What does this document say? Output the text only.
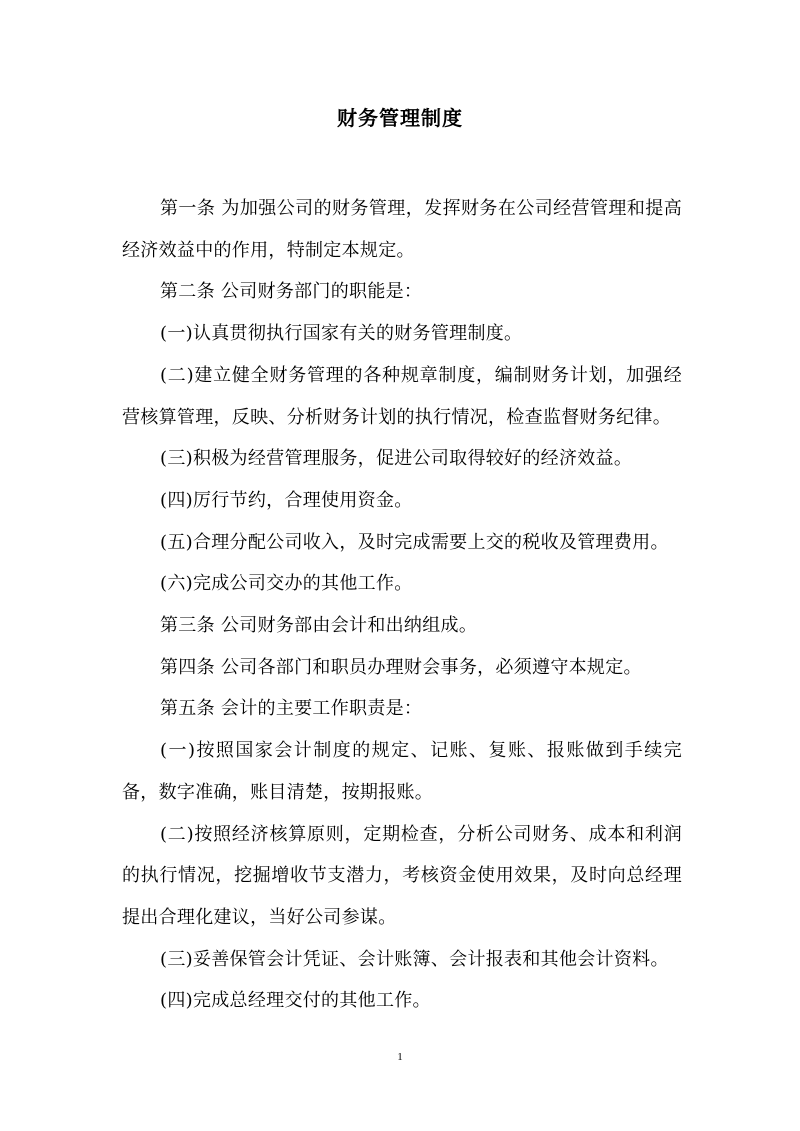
财务管理制度

第一条 为加强公司的财务管理，发挥财务在公司经营管理和提高经济效益中的作用，特制定本规定。

第二条 公司财务部门的职能是：

(一)认真贯彻执行国家有关的财务管理制度。

(二)建立健全财务管理的各种规章制度，编制财务计划，加强经营核算管理，反映、分析财务计划的执行情况，检查监督财务纪律。

(三)积极为经营管理服务，促进公司取得较好的经济效益。

(四)厉行节约，合理使用资金。

(五)合理分配公司收入，及时完成需要上交的税收及管理费用。

(六)完成公司交办的其他工作。

第三条 公司财务部由会计和出纳组成。

第四条 公司各部门和职员办理财会事务，必须遵守本规定。

第五条 会计的主要工作职责是：

(一)按照国家会计制度的规定、记账、复账、报账做到手续完备，数字准确，账目清楚，按期报账。

(二)按照经济核算原则，定期检查，分析公司财务、成本和利润的执行情况，挖掘增收节支潜力，考核资金使用效果，及时向总经理提出合理化建议，当好公司参谋。

(三)妥善保管会计凭证、会计账簿、会计报表和其他会计资料。

(四)完成总经理交付的其他工作。

1
